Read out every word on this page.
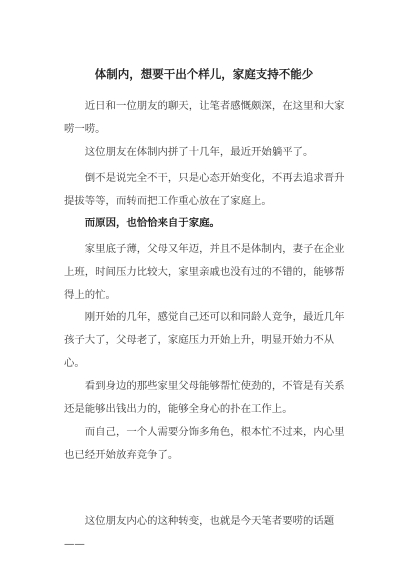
体制内，想要干出个样儿，家庭支持不能少

近日和一位朋友的聊天，让笔者感慨颇深，在这里和大家唠一唠。

这位朋友在体制内拼了十几年，最近开始躺平了。

倒不是说完全不干，只是心态开始变化，不再去追求晋升提拔等等，而转而把工作重心放在了家庭上。

而原因，也恰恰来自于家庭。

家里底子薄，父母又年迈，并且不是体制内，妻子在企业上班，时间压力比较大，家里亲戚也没有过的不错的，能够帮得上的忙。

刚开始的几年，感觉自己还可以和同龄人竞争，最近几年孩子大了，父母老了，家庭压力开始上升，明显开始力不从心。

看到身边的那些家里父母能够帮忙使劲的，不管是有关系还是能够出钱出力的，能够全身心的扑在工作上。

而自己，一个人需要分饰多角色，根本忙不过来，内心里也已经开始放弃竞争了。

这位朋友内心的这种转变，也就是今天笔者要唠的话题——
